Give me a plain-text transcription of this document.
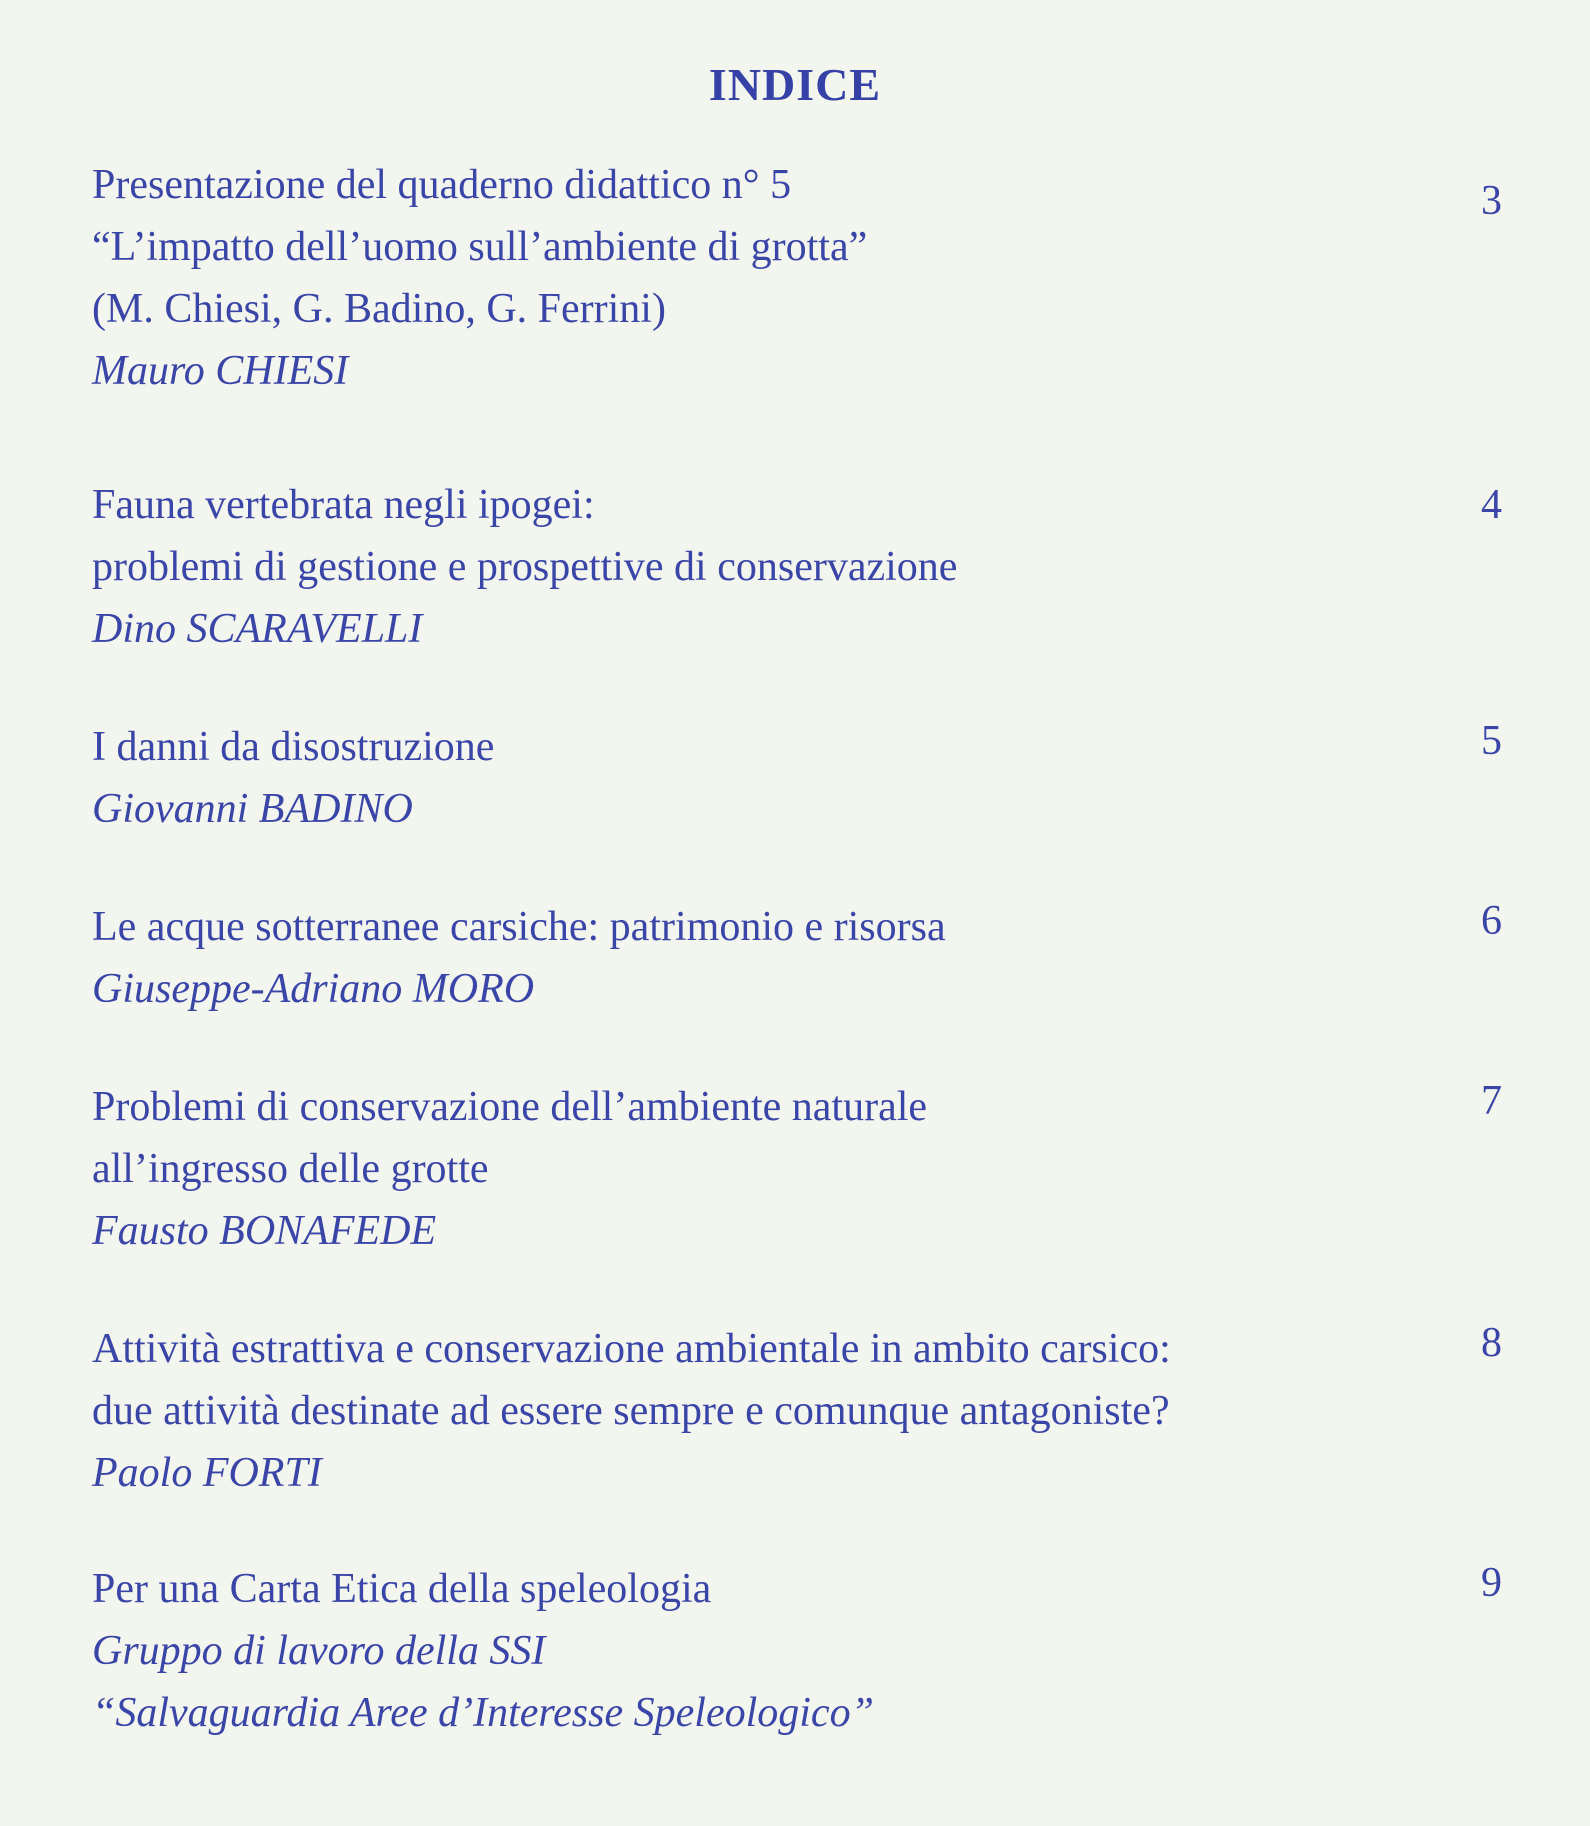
INDICE
Presentazione del quaderno didattico n° 5
“L’impatto dell’uomo sull’ambiente di grotta”
(M. Chiesi, G. Badino, G. Ferrini)
Mauro CHIESI
3
Fauna vertebrata negli ipogei:
problemi di gestione e prospettive di conservazione
Dino SCARAVELLI
4
I danni da disostruzione
Giovanni BADINO
5
Le acque sotterranee carsiche: patrimonio e risorsa
Giuseppe-Adriano MORO
6
Problemi di conservazione dell’ambiente naturale
all’ingresso delle grotte
Fausto BONAFEDE
7
Attività estrattiva e conservazione ambientale in ambito carsico:
due attività destinate ad essere sempre e comunque antagoniste?
Paolo FORTI
8
Per una Carta Etica della speleologia
Gruppo di lavoro della SSI
“Salvaguardia Aree d’Interesse Speleologico”
9
